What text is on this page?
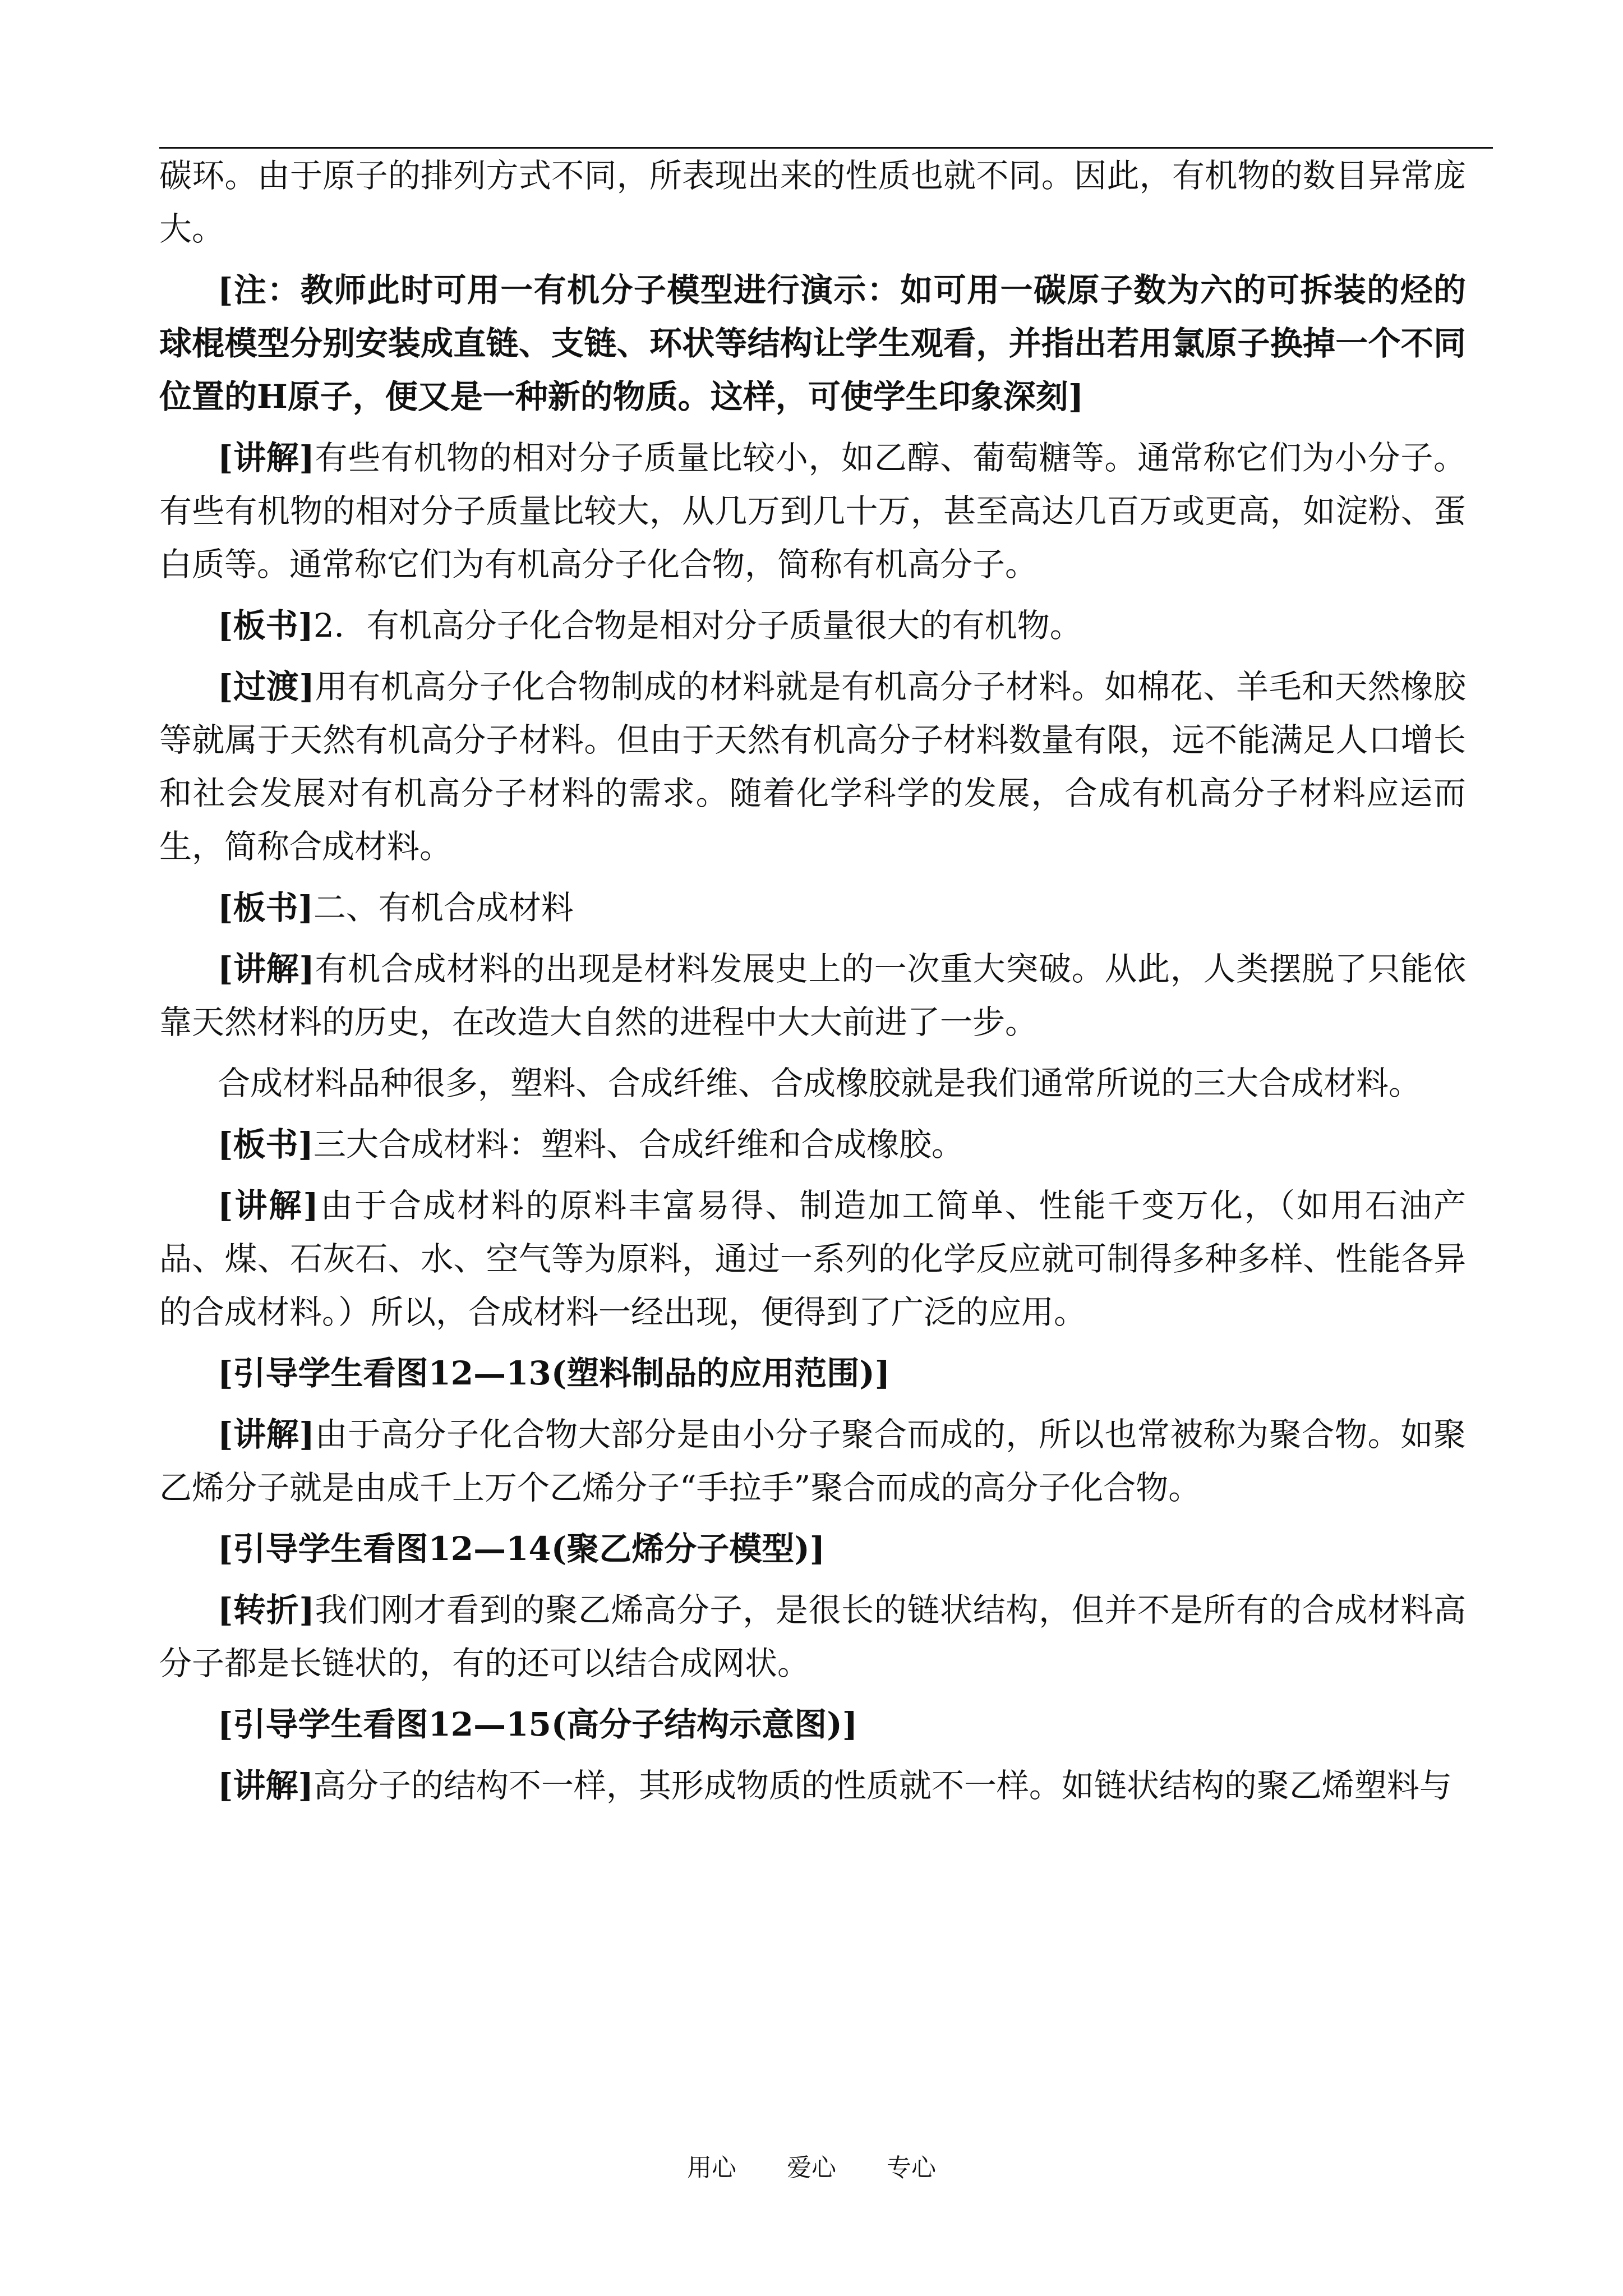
碳环。由于原子的排列方式不同，所表现出来的性质也就不同。因此，有机物的数目异常庞大。

[注：教师此时可用一有机分子模型进行演示：如可用一碳原子数为六的可拆装的烃的球棍模型分别安装成直链、支链、环状等结构让学生观看，并指出若用氯原子换掉一个不同位置的H原子，便又是一种新的物质。这样，可使学生印象深刻]

[讲解]有些有机物的相对分子质量比较小，如乙醇、葡萄糖等。通常称它们为小分子。有些有机物的相对分子质量比较大，从几万到几十万，甚至高达几百万或更高，如淀粉、蛋白质等。通常称它们为有机高分子化合物，简称有机高分子。

[板书]2．有机高分子化合物是相对分子质量很大的有机物。

[过渡]用有机高分子化合物制成的材料就是有机高分子材料。如棉花、羊毛和天然橡胶等就属于天然有机高分子材料。但由于天然有机高分子材料数量有限，远不能满足人口增长和社会发展对有机高分子材料的需求。随着化学科学的发展，合成有机高分子材料应运而生，简称合成材料。

[板书]二、有机合成材料

[讲解]有机合成材料的出现是材料发展史上的一次重大突破。从此，人类摆脱了只能依靠天然材料的历史，在改造大自然的进程中大大前进了一步。

合成材料品种很多，塑料、合成纤维、合成橡胶就是我们通常所说的三大合成材料。

[板书]三大合成材料：塑料、合成纤维和合成橡胶。

[讲解]由于合成材料的原料丰富易得、制造加工简单、性能千变万化，（如用石油产品、煤、石灰石、水、空气等为原料，通过一系列的化学反应就可制得多种多样、性能各异的合成材料。）所以，合成材料一经出现，便得到了广泛的应用。

[引导学生看图12—13(塑料制品的应用范围)]

[讲解]由于高分子化合物大部分是由小分子聚合而成的，所以也常被称为聚合物。如聚乙烯分子就是由成千上万个乙烯分子“手拉手”聚合而成的高分子化合物。

[引导学生看图12—14(聚乙烯分子模型)]

[转折]我们刚才看到的聚乙烯高分子，是很长的链状结构，但并不是所有的合成材料高分子都是长链状的，有的还可以结合成网状。

[引导学生看图12—15(高分子结构示意图)]

[讲解]高分子的结构不一样，其形成物质的性质就不一样。如链状结构的聚乙烯塑料与

用心 爱心 专心
